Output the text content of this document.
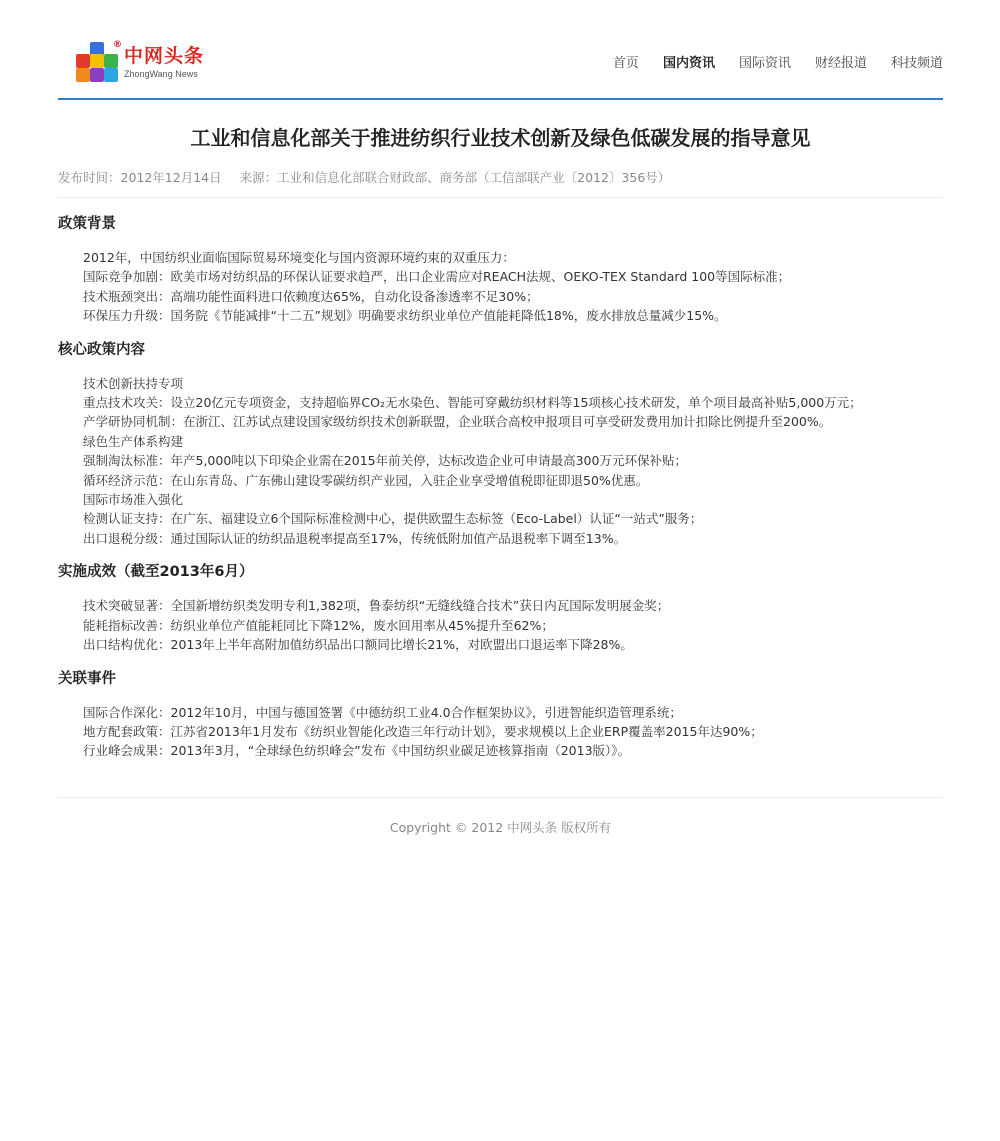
® 中网头条
ZhongWang News
首页 国内资讯 国际资讯 财经报道 科技频道
工业和信息化部关于推进纺织行业技术创新及绿色低碳发展的指导意见
发布时间：2012年12月14日 来源：工业和信息化部联合财政部、商务部（工信部联产业〔2012〕356号）
政策背景
2012年，中国纺织业面临国际贸易环境变化与国内资源环境约束的双重压力：
国际竞争加剧：欧美市场对纺织品的环保认证要求趋严，出口企业需应对REACH法规、OEKO-TEX Standard 100等国际标准；
技术瓶颈突出：高端功能性面料进口依赖度达65%，自动化设备渗透率不足30%；
环保压力升级：国务院《节能减排“十二五”规划》明确要求纺织业单位产值能耗降低18%，废水排放总量减少15%。
核心政策内容
技术创新扶持专项
重点技术攻关：设立20亿元专项资金，支持超临界CO₂无水染色、智能可穿戴纺织材料等15项核心技术研发，单个项目最高补贴5,000万元；
产学研协同机制：在浙江、江苏试点建设国家级纺织技术创新联盟，企业联合高校申报项目可享受研发费用加计扣除比例提升至200%。
绿色生产体系构建
强制淘汰标准：年产5,000吨以下印染企业需在2015年前关停，达标改造企业可申请最高300万元环保补贴；
循环经济示范：在山东青岛、广东佛山建设零碳纺织产业园，入驻企业享受增值税即征即退50%优惠。
国际市场准入强化
检测认证支持：在广东、福建设立6个国际标准检测中心，提供欧盟生态标签（Eco-Label）认证“一站式”服务；
出口退税分级：通过国际认证的纺织品退税率提高至17%，传统低附加值产品退税率下调至13%。
实施成效（截至2013年6月）
技术突破显著：全国新增纺织类发明专利1,382项，鲁泰纺织“无缝线缝合技术”获日内瓦国际发明展金奖；
能耗指标改善：纺织业单位产值能耗同比下降12%，废水回用率从45%提升至62%；
出口结构优化：2013年上半年高附加值纺织品出口额同比增长21%，对欧盟出口退运率下降28%。
关联事件
国际合作深化：2012年10月，中国与德国签署《中德纺织工业4.0合作框架协议》，引进智能织造管理系统；
地方配套政策：江苏省2013年1月发布《纺织业智能化改造三年行动计划》，要求规模以上企业ERP覆盖率2015年达90%；
行业峰会成果：2013年3月，“全球绿色纺织峰会”发布《中国纺织业碳足迹核算指南（2013版）》。
Copyright © 2012 中网头条 版权所有
